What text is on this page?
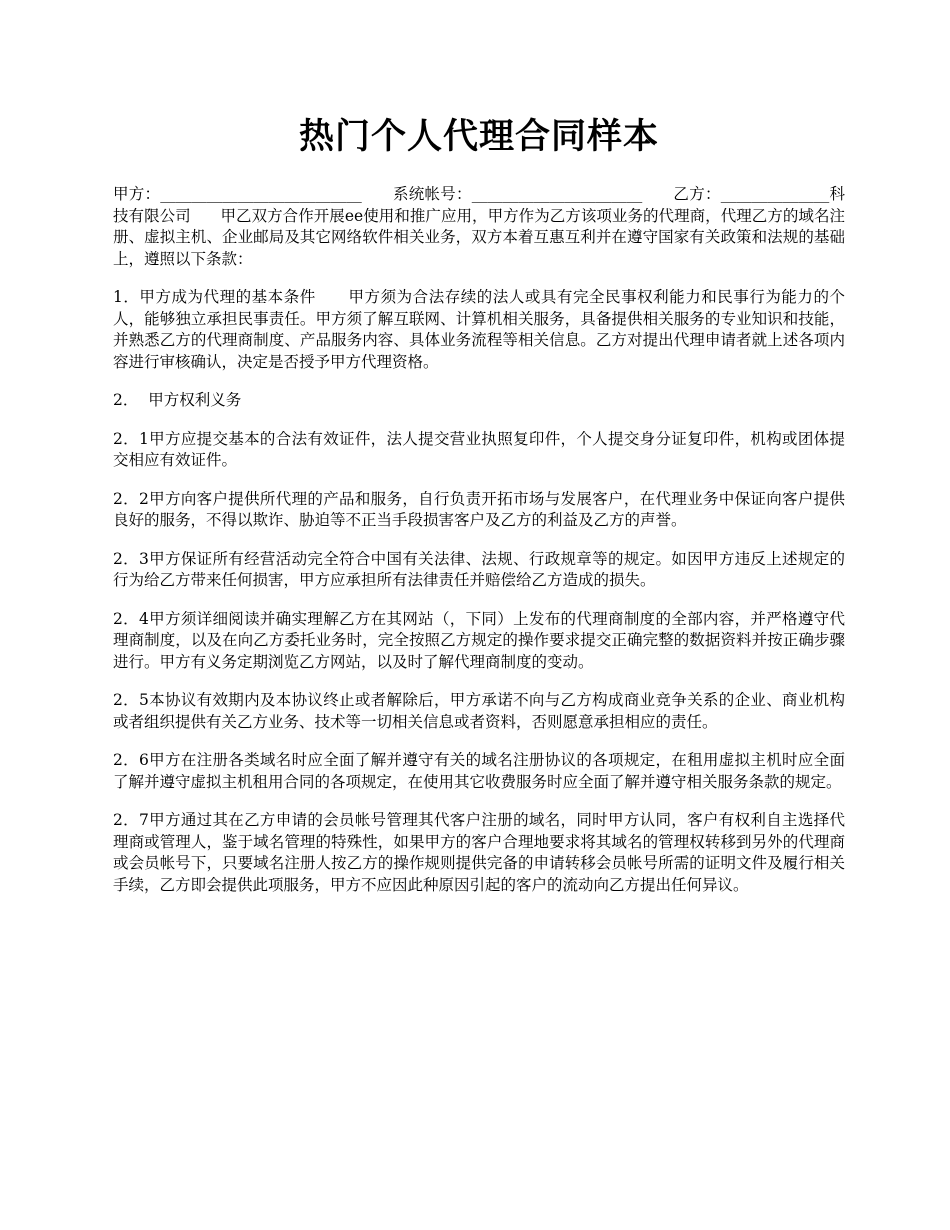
热门个人代理合同样本

甲方：__________________________      系统帐号：______________________      乙方：______________科技有限公司      甲乙双方合作开展ee使用和推广应用，甲方作为乙方该项业务的代理商，代理乙方的域名注册、虚拟主机、企业邮局及其它网络软件相关业务，双方本着互惠互利并在遵守国家有关政策和法规的基础上，遵照以下条款：

1．甲方成为代理的基本条件      甲方须为合法存续的法人或具有完全民事权利能力和民事行为能力的个人，能够独立承担民事责任。甲方须了解互联网、计算机相关服务，具备提供相关服务的专业知识和技能，并熟悉乙方的代理商制度、产品服务内容、具体业务流程等相关信息。乙方对提出代理申请者就上述各项内容进行审核确认，决定是否授予甲方代理资格。

2．  甲方权利义务

2．1甲方应提交基本的合法有效证件，法人提交营业执照复印件，个人提交身分证复印件，机构或团体提交相应有效证件。

2．2甲方向客户提供所代理的产品和服务，自行负责开拓市场与发展客户，在代理业务中保证向客户提供良好的服务，不得以欺诈、胁迫等不正当手段损害客户及乙方的利益及乙方的声誉。

2．3甲方保证所有经营活动完全符合中国有关法律、法规、行政规章等的规定。如因甲方违反上述规定的行为给乙方带来任何损害，甲方应承担所有法律责任并赔偿给乙方造成的损失。

2．4甲方须详细阅读并确实理解乙方在其网站（，下同）上发布的代理商制度的全部内容，并严格遵守代理商制度，以及在向乙方委托业务时，完全按照乙方规定的操作要求提交正确完整的数据资料并按正确步骤进行。甲方有义务定期浏览乙方网站，以及时了解代理商制度的变动。

2．5本协议有效期内及本协议终止或者解除后，甲方承诺不向与乙方构成商业竞争关系的企业、商业机构或者组织提供有关乙方业务、技术等一切相关信息或者资料，否则愿意承担相应的责任。

2．6甲方在注册各类域名时应全面了解并遵守有关的域名注册协议的各项规定，在租用虚拟主机时应全面了解并遵守虚拟主机租用合同的各项规定，在使用其它收费服务时应全面了解并遵守相关服务条款的规定。

2．7甲方通过其在乙方申请的会员帐号管理其代客户注册的域名，同时甲方认同，客户有权利自主选择代理商或管理人，鉴于域名管理的特殊性，如果甲方的客户合理地要求将其域名的管理权转移到另外的代理商或会员帐号下，只要域名注册人按乙方的操作规则提供完备的申请转移会员帐号所需的证明文件及履行相关手续，乙方即会提供此项服务，甲方不应因此种原因引起的客户的流动向乙方提出任何异议。
